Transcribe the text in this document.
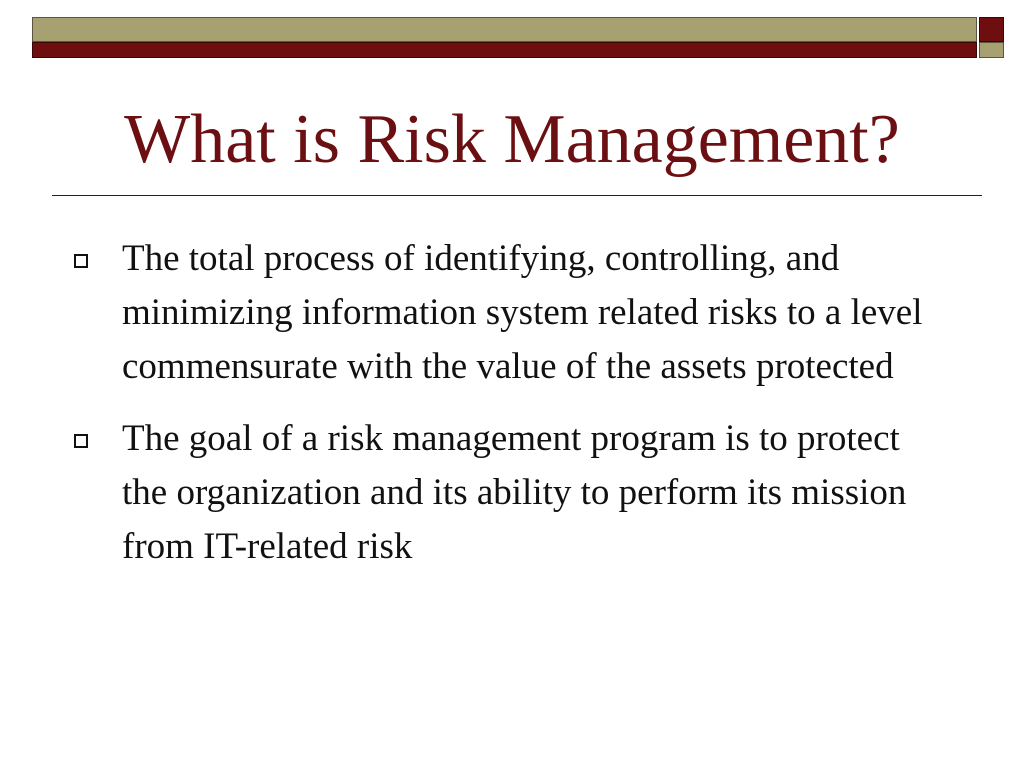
What is Risk Management?
The total process of identifying, controlling, and minimizing information system related risks to a level commensurate with the value of the assets protected
The goal of a risk management program is to protect the organization and its ability to perform its mission from IT-related risk
